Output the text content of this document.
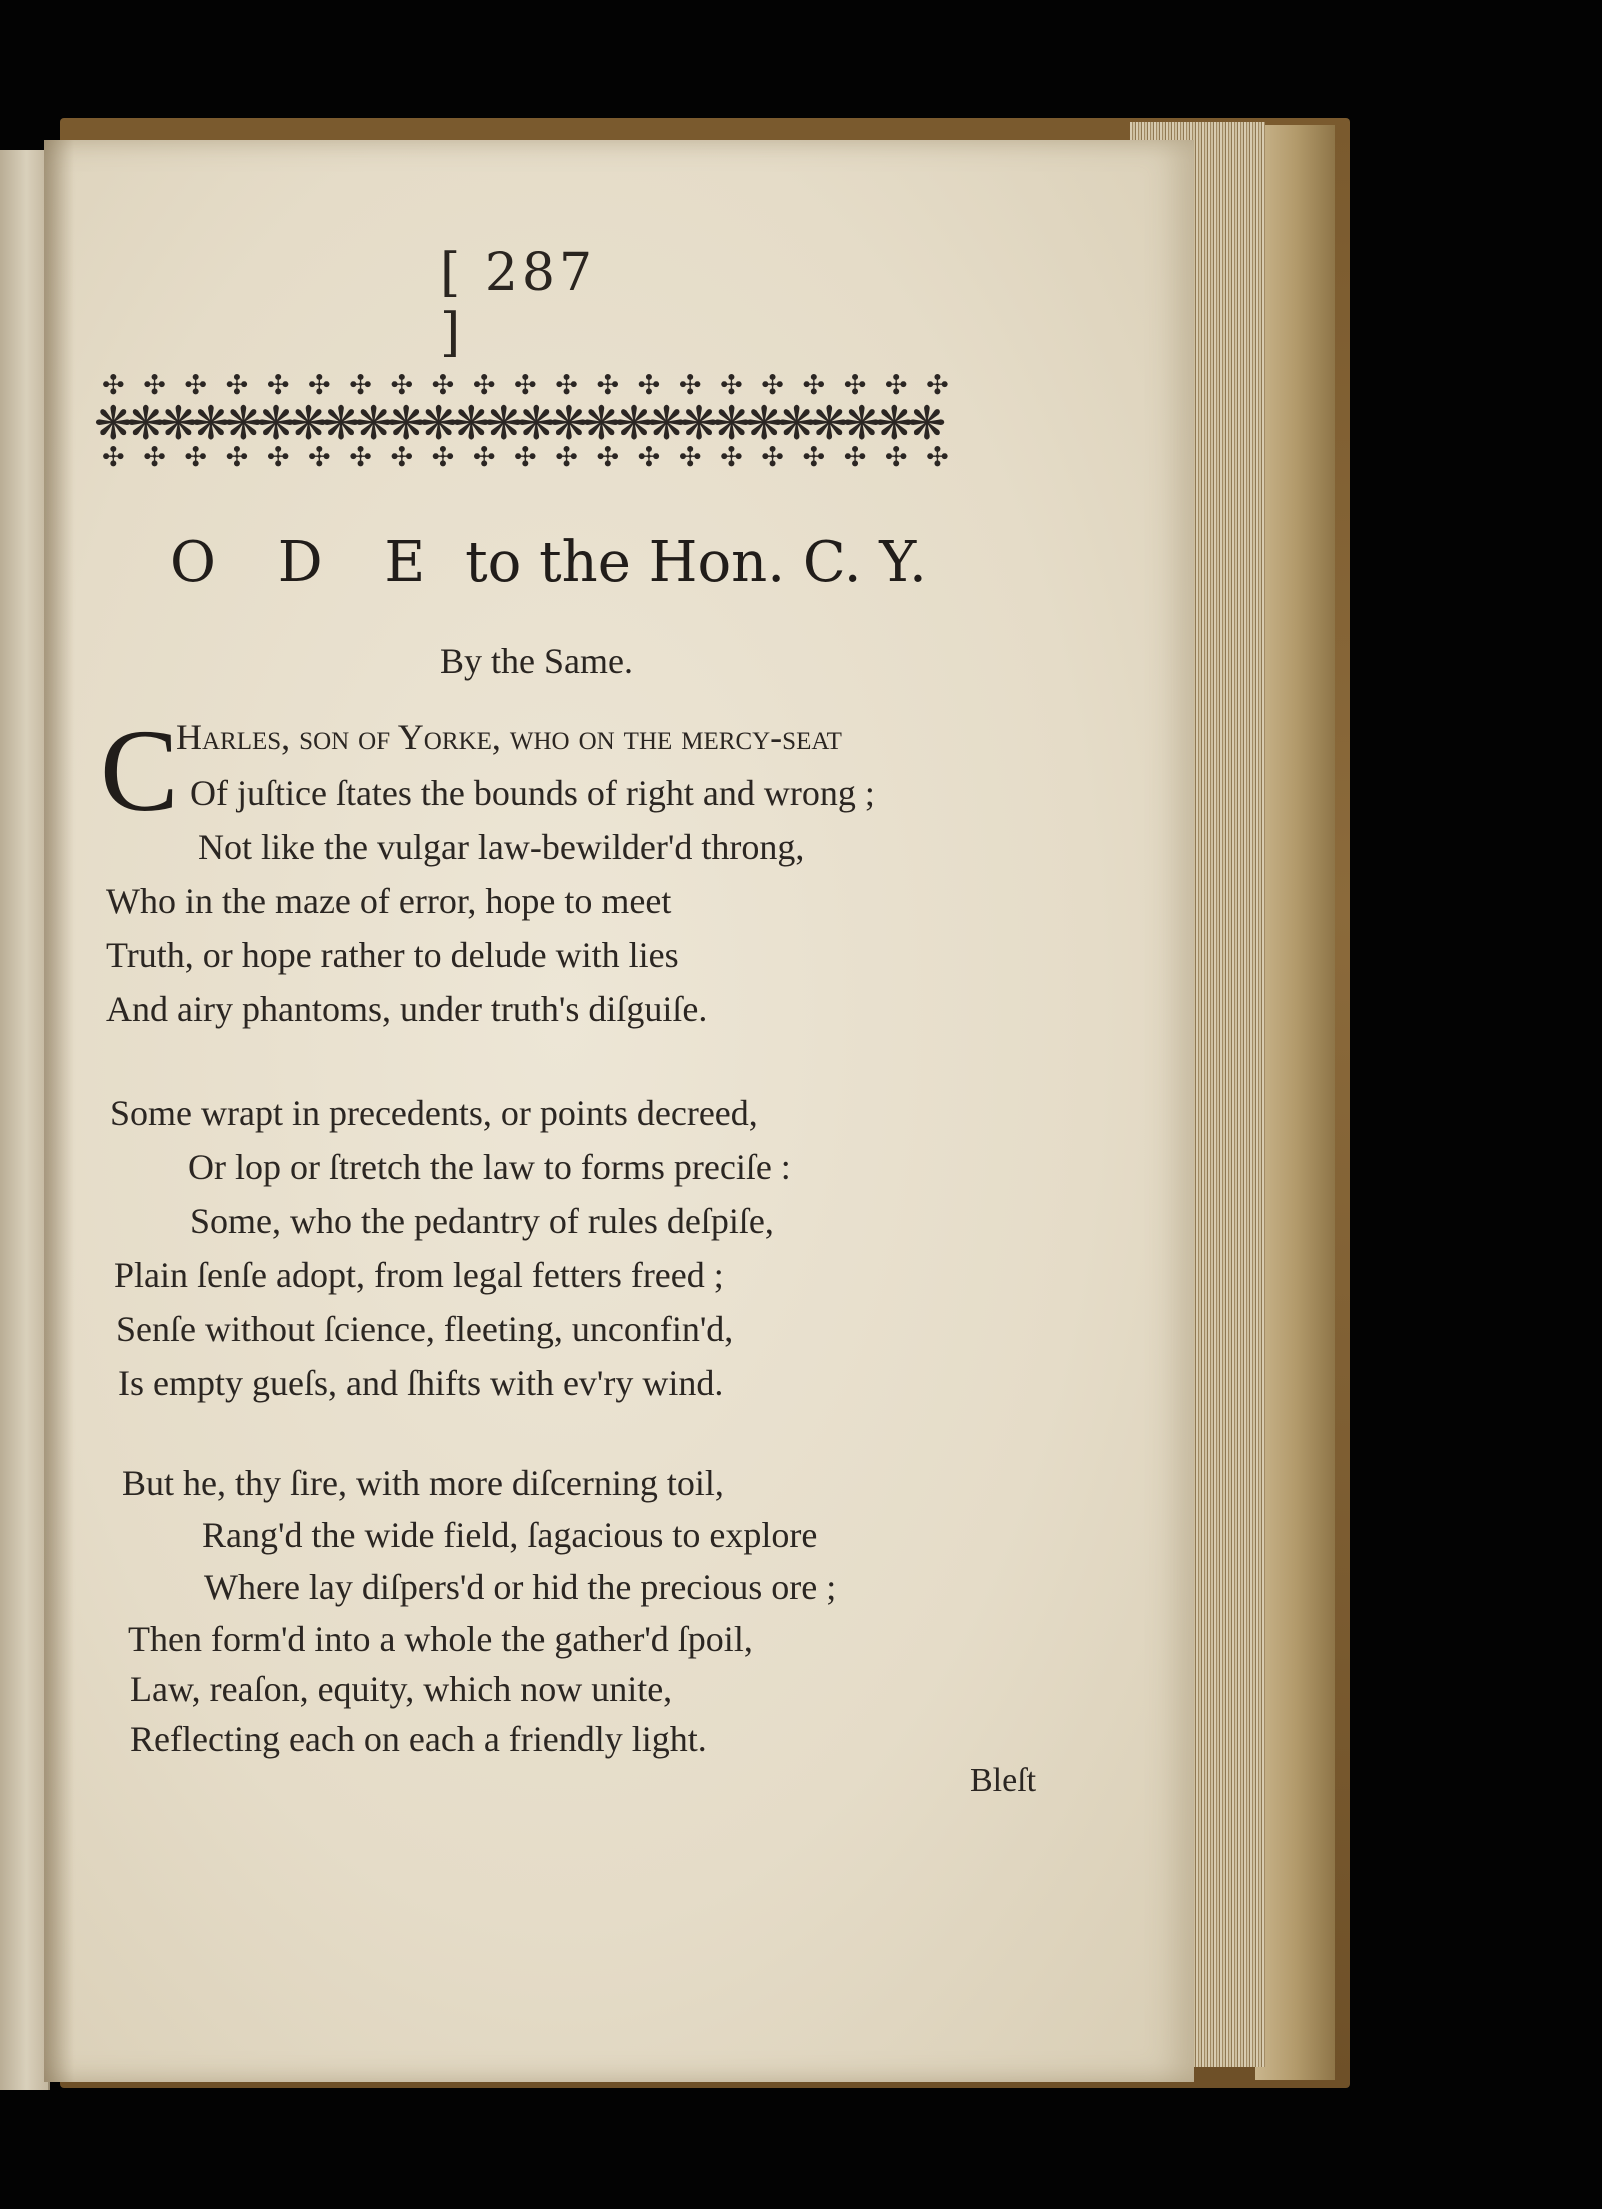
[ 287 ]
✣ ✣ ✣ ✣ ✣ ✣ ✣ ✣ ✣ ✣ ✣ ✣ ✣ ✣ ✣ ✣ ✣ ✣ ✣ ✣ ✣
❋❋❋❋❋❋❋❋❋❋❋❋❋❋❋❋❋❋❋❋❋❋❋❋❋❋
✣ ✣ ✣ ✣ ✣ ✣ ✣ ✣ ✣ ✣ ✣ ✣ ✣ ✣ ✣ ✣ ✣ ✣ ✣ ✣ ✣
O D E to the Hon. C. Y.
By the Same.
C
Harles, ſon of Yorke, who on the mercy-ſeat
Of juſtice ſtates the bounds of right and wrong ;
Not like the vulgar law-bewilder'd throng,
Who in the maze of error, hope to meet
Truth, or hope rather to delude with lies
And airy phantoms, under truth's diſguiſe.
Some wrapt in precedents, or points decreed,
Or lop or ſtretch the law to forms preciſe :
Some, who the pedantry of rules deſpiſe,
Plain ſenſe adopt, from legal fetters freed ;
Senſe without ſcience, fleeting, unconfin'd,
Is empty gueſs, and ſhifts with ev'ry wind.
But he, thy ſire, with more diſcerning toil,
Rang'd the wide field, ſagacious to explore
Where lay diſpers'd or hid the precious ore ;
Then form'd into a whole the gather'd ſpoil,
Law, reaſon, equity, which now unite,
Reflecting each on each a friendly light.
Bleſt
